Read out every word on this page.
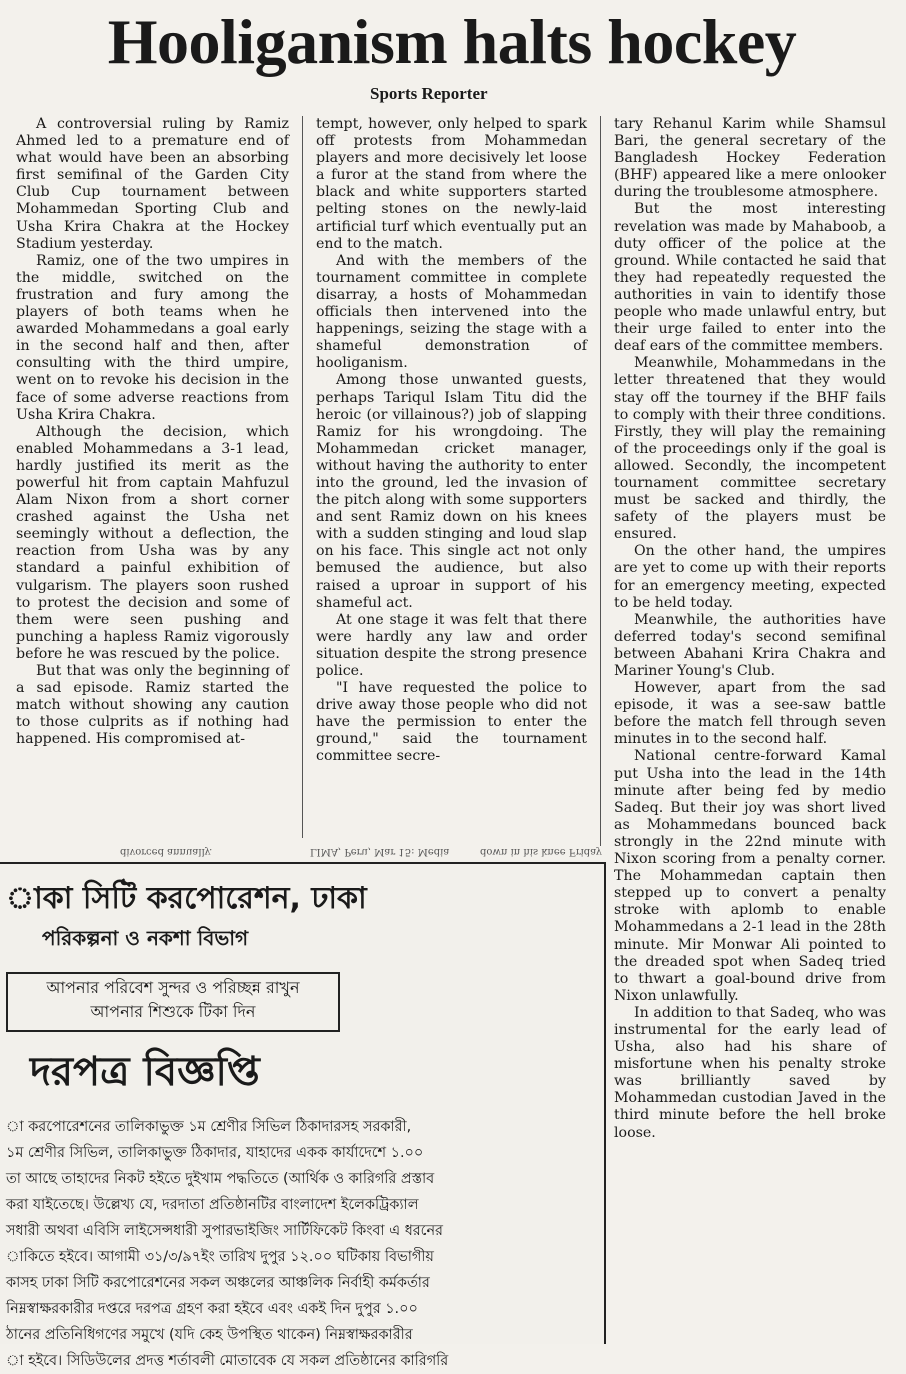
Hooliganism halts hockey
Sports Reporter

A controversial ruling by Ramiz Ahmed led to a premature end of what would have been an absorbing first semifinal of the Garden City Club Cup tournament between Mohammedan Sporting Club and Usha Krira Chakra at the Hockey Stadium yesterday.

Ramiz, one of the two umpires in the middle, switched on the frustration and fury among the players of both teams when he awarded Mohammedans a goal early in the second half and then, after consulting with the third umpire, went on to revoke his decision in the face of some adverse reactions from Usha Krira Chakra.

Although the decision, which enabled Mohammedans a 3-1 lead, hardly justified its merit as the powerful hit from captain Mahfuzul Alam Nixon from a short corner crashed against the Usha net seemingly without a deflection, the reaction from Usha was by any standard a painful exhibition of vulgarism. The players soon rushed to protest the decision and some of them were seen pushing and punching a hapless Ramiz vigorously before he was rescued by the police.

But that was only the beginning of a sad episode. Ramiz started the match without showing any caution to those culprits as if nothing had happened. His compromised at-

tempt, however, only helped to spark off protests from Mohammedan players and more decisively let loose a furor at the stand from where the black and white supporters started pelting stones on the newly-laid artificial turf which eventually put an end to the match.

And with the members of the tournament committee in complete disarray, a hosts of Mohammedan officials then intervened into the happenings, seizing the stage with a shameful demonstration of hooliganism.

Among those unwanted guests, perhaps Tariqul Islam Titu did the heroic (or villainous?) job of slapping Ramiz for his wrongdoing. The Mohammedan cricket manager, without having the authority to enter into the ground, led the invasion of the pitch along with some supporters and sent Ramiz down on his knees with a sudden stinging and loud slap on his face. This single act not only bemused the audience, but also raised a uproar in support of his shameful act.

At one stage it was felt that there were hardly any law and order situation despite the strong presence police.

"I have requested the police to drive away those people who did not have the permission to enter the ground," said the tournament committee secre-

tary Rehanul Karim while Shamsul Bari, the general secretary of the Bangladesh Hockey Federation (BHF) appeared like a mere onlooker during the troublesome atmosphere.

But the most interesting revelation was made by Mahaboob, a duty officer of the police at the ground. While contacted he said that they had repeatedly requested the authorities in vain to identify those people who made unlawful entry, but their urge failed to enter into the deaf ears of the committee members.

Meanwhile, Mohammedans in the letter threatened that they would stay off the tourney if the BHF fails to comply with their three conditions. Firstly, they will play the remaining of the proceedings only if the goal is allowed. Secondly, the incompetent tournament committee secretary must be sacked and thirdly, the safety of the players must be ensured.

On the other hand, the umpires are yet to come up with their reports for an emergency meeting, expected to be held today.

Meanwhile, the authorities have deferred today's second semifinal between Abahani Krira Chakra and Mariner Young's Club.

However, apart from the sad episode, it was a see-saw battle before the match fell through seven minutes in to the second half.

National centre-forward Kamal put Usha into the lead in the 14th minute after being fed by medio Sadeq. But their joy was short lived as Mohammedans bounced back strongly in the 22nd minute with Nixon scoring from a penalty corner. The Mohammedan captain then stepped up to convert a penalty stroke with aplomb to enable Mohammedans a 2-1 lead in the 28th minute. Mir Monwar Ali pointed to the dreaded spot when Sadeq tried to thwart a goal-bound drive from Nixon unlawfully.

In addition to that Sadeq, who was instrumental for the early lead of Usha, also had his share of misfortune when his penalty stroke was brilliantly saved by Mohammedan custodian Javed in the third minute before the hell broke loose.

divorced annually.	LIMA, Peru, Mar 15: Media	down in his knee Friday
াকা সিটি করপোরেশন, ঢাকা
পরিকল্পনা ও নকশা বিভাগ
আপনার পরিবেশ সুন্দর ও পরিচ্ছন্ন রাখুন
আপনার শিশুকে টিকা দিন
দরপত্র বিজ্ঞপ্তি
া করপোরেশনের তালিকাভুক্ত ১ম শ্রেণীর সিভিল ঠিকাদারসহ সরকারী,
১ম শ্রেণীর সিভিল, তালিকাভুক্ত ঠিকাদার, যাহাদের একক কার্যাদেশে ১.০০
তা আছে তাহাদের নিকট হইতে দুইখাম পদ্ধতিতে (আর্থিক ও কারিগরি প্রস্তাব
করা যাইতেছে। উল্লেখ্য যে, দরদাতা প্রতিষ্ঠানটির বাংলাদেশ ইলেকট্রিক্যাল
সধারী অথবা এবিসি লাইসেন্সধারী সুপারভাইজিং সার্টিফিকেট কিংবা এ ধরনের
াকিতে হইবে। আগামী ৩১/৩/৯৭ইং তারিখ দুপুর ১২.০০ ঘটিকায় বিভাগীয়
কাসহ ঢাকা সিটি করপোরেশনের সকল অঞ্চলের আঞ্চলিক নির্বাহী কর্মকর্তার
নিম্নস্বাক্ষরকারীর দপ্তরে দরপত্র গ্রহণ করা হইবে এবং একই দিন দুপুর ১.০০
ঠানের প্রতিনিধিগণের সমুখে (যদি কেহ উপস্থিত থাকেন) নিম্নস্বাক্ষরকারীর
া হইবে। সিডিউলের প্রদত্ত শর্তাবলী মোতাবেক যে সকল প্রতিষ্ঠানের কারিগরি
